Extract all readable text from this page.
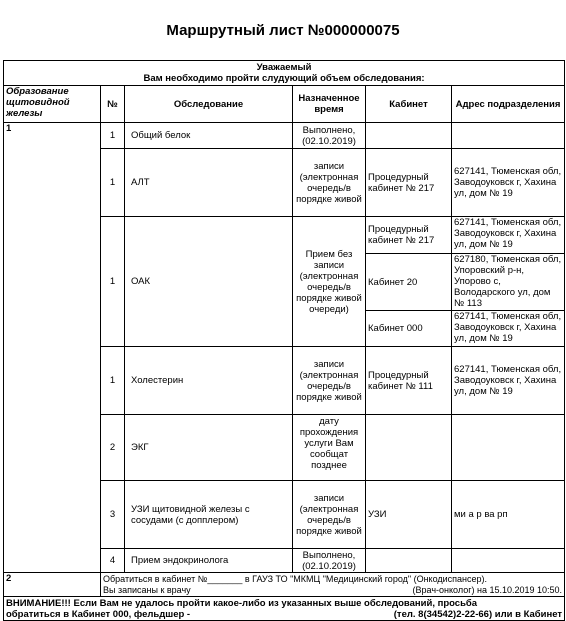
Маршрутный лист №000000075
Уважаемый
Вам необходимо пройти слудующий объем обследования:					

Образование щитовидной железы	№	Обследование	Назначенное время	Кабинет	Адрес подразделения
1	1	Общий белок	Выполнено, (02.10.2019)		
	1	АЛТ	записи (электронная очередь/в порядке живой	Процедурный кабинет № 217	627141, Тюменская обл, Заводоуковск г, Хахина ул, дом № 19
	1	ОАК	Прием без записи (электронная очередь/в порядке живой очереди)	Процедурный кабинет № 217	627141, Тюменская обл, Заводоуковск г, Хахина ул, дом № 19

				Кабинет 20	627180, Тюменская обл, Упоровский р-н, Упорово с, Володарского ул, дом № 113

				Кабинет 000	627141, Тюменская обл, Заводоуковск г, Хахина ул, дом № 19

	1	Холестерин	записи (электронная очередь/в порядке живой	Процедурный кабинет № 111	627141, Тюменская обл, Заводоуковск г, Хахина ул, дом № 19
	2	ЭКГ	дату прохождения услуги Вам сообщат позднее		

	3	УЗИ щитовидной железы с сосудами (с допплером)	записи (электронная очередь/в порядке живой	УЗИ	ми а р ва рп
	4	Прием эндокринолога	Выполнено, (02.10.2019)		
2	Обратиться в кабинет №_______ в ГАУЗ ТО "МКМЦ "Медицинский город" (Онкодиспансер).
Вы записаны к врачу (Врач-онколог) на 15.10.2019 10:50.				

ВНИМАНИЕ!!! Если Вам не удалось пройти какое-либо из указанных выше обследований, просьба
обратиться в Кабинет 000, фельдшер - (тел. 8(34542)2-22-66) или в Кабинет					
